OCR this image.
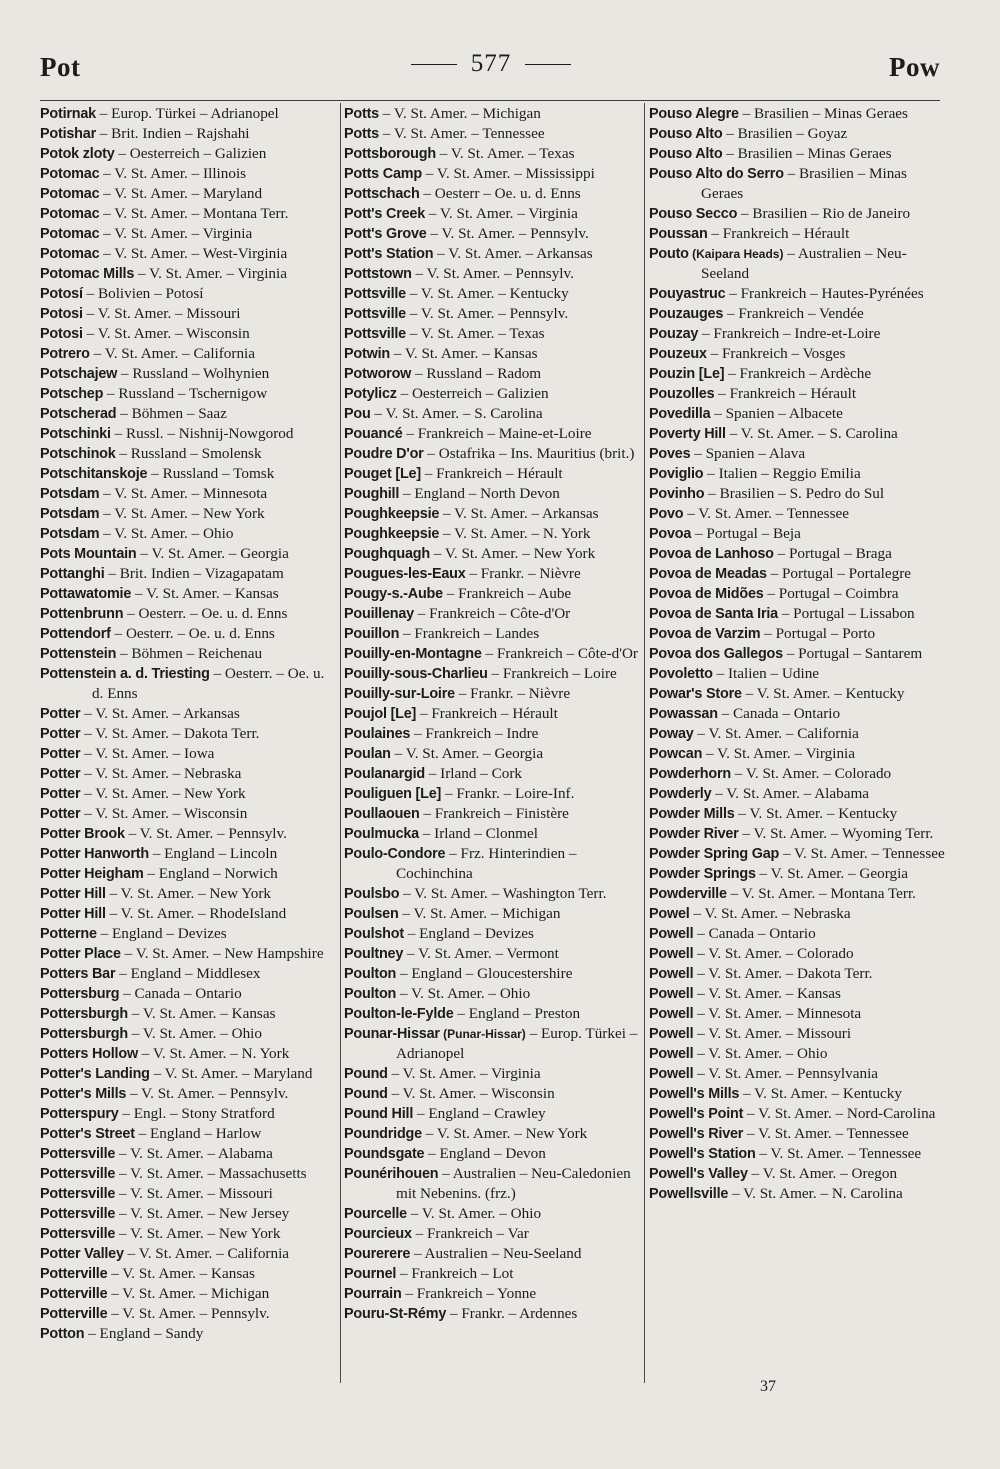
Pot	577	Pow
Potirnak – Europ. Türkei – Adrianopel
Potishar – Brit. Indien – Rajshahi
Potok zloty – Oesterreich – Galizien
Potomac – V. St. Amer. – Illinois
Potomac – V. St. Amer. – Maryland
Potomac – V. St. Amer. – Montana Terr.
Potomac – V. St. Amer. – Virginia
Potomac – V. St. Amer. – West-Virginia
Potomac Mills – V. St. Amer. – Virginia
Potosí – Bolivien – Potosí
Potosi – V. St. Amer. – Missouri
Potosi – V. St. Amer. – Wisconsin
Potrero – V. St. Amer. – California
Potschajew – Russland – Wolhynien
Potschep – Russland – Tschernigow
Potscherad – Böhmen – Saaz
Potschinki – Russl. – Nishnij-Nowgorod
Potschinok – Russland – Smolensk
Potschitanskoje – Russland – Tomsk
Potsdam – V. St. Amer. – Minnesota
Potsdam – V. St. Amer. – New York
Potsdam – V. St. Amer. – Ohio
Pots Mountain – V. St. Amer. – Georgia
Pottanghi – Brit. Indien – Vizagapatam
Pottawatomie – V. St. Amer. – Kansas
Pottenbrunn – Oesterr. – Oe. u. d. Enns
Pottendorf – Oesterr. – Oe. u. d. Enns
Pottenstein – Böhmen – Reichenau
Pottenstein a. d. Triesting – Oesterr. – Oe. u. d. Enns
Potter – V. St. Amer. – Arkansas
Potter – V. St. Amer. – Dakota Terr.
Potter – V. St. Amer. – Iowa
Potter – V. St. Amer. – Nebraska
Potter – V. St. Amer. – New York
Potter – V. St. Amer. – Wisconsin
Potter Brook – V. St. Amer. – Pennsylv.
Potter Hanworth – England – Lincoln
Potter Heigham – England – Norwich
Potter Hill – V. St. Amer. – New York
Potter Hill – V. St. Amer. – RhodeIsland
Potterne – England – Devizes
Potter Place – V. St. Amer. – New Hampshire
Potters Bar – England – Middlesex
Pottersburg – Canada – Ontario
Pottersburgh – V. St. Amer. – Kansas
Pottersburgh – V. St. Amer. – Ohio
Potters Hollow – V. St. Amer. – N. York
Potter's Landing – V. St. Amer. – Maryland
Potter's Mills – V. St. Amer. – Pennsylv.
Potterspury – Engl. – Stony Stratford
Potter's Street – England – Harlow
Pottersville – V. St. Amer. – Alabama
Pottersville – V. St. Amer. – Massachusetts
Pottersville – V. St. Amer. – Missouri
Pottersville – V. St. Amer. – New Jersey
Pottersville – V. St. Amer. – New York
Potter Valley – V. St. Amer. – California
Potterville – V. St. Amer. – Kansas
Potterville – V. St. Amer. – Michigan
Potterville – V. St. Amer. – Pennsylv.
Potton – England – Sandy
Potts – V. St. Amer. – Michigan
Potts – V. St. Amer. – Tennessee
Pottsborough – V. St. Amer. – Texas
Potts Camp – V. St. Amer. – Mississippi
Pottschach – Oesterr – Oe. u. d. Enns
Pott's Creek – V. St. Amer. – Virginia
Pott's Grove – V. St. Amer. – Pennsylv.
Pott's Station – V. St. Amer. – Arkansas
Pottstown – V. St. Amer. – Pennsylv.
Pottsville – V. St. Amer. – Kentucky
Pottsville – V. St. Amer. – Pennsylv.
Pottsville – V. St. Amer. – Texas
Potwin – V. St. Amer. – Kansas
Potworow – Russland – Radom
Potylicz – Oesterreich – Galizien
Pou – V. St. Amer. – S. Carolina
Pouancé – Frankreich – Maine-et-Loire
Poudre D'or – Ostafrika – Ins. Mauritius (brit.)
Pouget [Le] – Frankreich – Hérault
Poughill – England – North Devon
Poughkeepsie – V. St. Amer. – Arkansas
Poughkeepsie – V. St. Amer. – N. York
Poughquagh – V. St. Amer. – New York
Pougues-les-Eaux – Frankr. – Nièvre
Pougy-s.-Aube – Frankreich – Aube
Pouillenay – Frankreich – Côte-d'Or
Pouillon – Frankreich – Landes
Pouilly-en-Montagne – Frankreich – Côte-d'Or
Pouilly-sous-Charlieu – Frankreich – Loire
Pouilly-sur-Loire – Frankr. – Nièvre
Poujol [Le] – Frankreich – Hérault
Poulaines – Frankreich – Indre
Poulan – V. St. Amer. – Georgia
Poulanargid – Irland – Cork
Pouliguen [Le] – Frankr. – Loire-Inf.
Poullaouen – Frankreich – Finistère
Poulmucka – Irland – Clonmel
Poulo-Condore – Frz. Hinterindien – Cochinchina
Poulsbo – V. St. Amer. – Washington Terr.
Poulsen – V. St. Amer. – Michigan
Poulshot – England – Devizes
Poultney – V. St. Amer. – Vermont
Poulton – England – Gloucestershire
Poulton – V. St. Amer. – Ohio
Poulton-le-Fylde – England – Preston
Pounar-Hissar (Punar-Hissar) – Europ. Türkei – Adrianopel
Pound – V. St. Amer. – Virginia
Pound – V. St. Amer. – Wisconsin
Pound Hill – England – Crawley
Poundridge – V. St. Amer. – New York
Poundsgate – England – Devon
Pounérihouen – Australien – Neu-Caledonien mit Nebenins. (frz.)
Pourcelle – V. St. Amer. – Ohio
Pourcieux – Frankreich – Var
Pourerere – Australien – Neu-Seeland
Pournel – Frankreich – Lot
Pourrain – Frankreich – Yonne
Pouru-St-Rémy – Frankr. – Ardennes
Pouso Alegre – Brasilien – Minas Geraes
Pouso Alto – Brasilien – Goyaz
Pouso Alto – Brasilien – Minas Geraes
Pouso Alto do Serro – Brasilien – Minas Geraes
Pouso Secco – Brasilien – Rio de Janeiro
Poussan – Frankreich – Hérault
Pouto (Kaipara Heads) – Australien – Neu-Seeland
Pouyastruc – Frankreich – Hautes-Pyrénées
Pouzauges – Frankreich – Vendée
Pouzay – Frankreich – Indre-et-Loire
Pouzeux – Frankreich – Vosges
Pouzin [Le] – Frankreich – Ardèche
Pouzolles – Frankreich – Hérault
Povedilla – Spanien – Albacete
Poverty Hill – V. St. Amer. – S. Carolina
Poves – Spanien – Alava
Poviglio – Italien – Reggio Emilia
Povinho – Brasilien – S. Pedro do Sul
Povo – V. St. Amer. – Tennessee
Povoa – Portugal – Beja
Povoa de Lanhoso – Portugal – Braga
Povoa de Meadas – Portugal – Portalegre
Povoa de Midões – Portugal – Coimbra
Povoa de Santa Iria – Portugal – Lissabon
Povoa de Varzim – Portugal – Porto
Povoa dos Gallegos – Portugal – Santarem
Povoletto – Italien – Udine
Powar's Store – V. St. Amer. – Kentucky
Powassan – Canada – Ontario
Poway – V. St. Amer. – California
Powcan – V. St. Amer. – Virginia
Powderhorn – V. St. Amer. – Colorado
Powderly – V. St. Amer. – Alabama
Powder Mills – V. St. Amer. – Kentucky
Powder River – V. St. Amer. – Wyoming Terr.
Powder Spring Gap – V. St. Amer. – Tennessee
Powder Springs – V. St. Amer. – Georgia
Powderville – V. St. Amer. – Montana Terr.
Powel – V. St. Amer. – Nebraska
Powell – Canada – Ontario
Powell – V. St. Amer. – Colorado
Powell – V. St. Amer. – Dakota Terr.
Powell – V. St. Amer. – Kansas
Powell – V. St. Amer. – Minnesota
Powell – V. St. Amer. – Missouri
Powell – V. St. Amer. – Ohio
Powell – V. St. Amer. – Pennsylvania
Powell's Mills – V. St. Amer. – Kentucky
Powell's Point – V. St. Amer. – Nord-Carolina
Powell's River – V. St. Amer. – Tennessee
Powell's Station – V. St. Amer. – Tennessee
Powell's Valley – V. St. Amer. – Oregon
Powellsville – V. St. Amer. – N. Carolina
37
